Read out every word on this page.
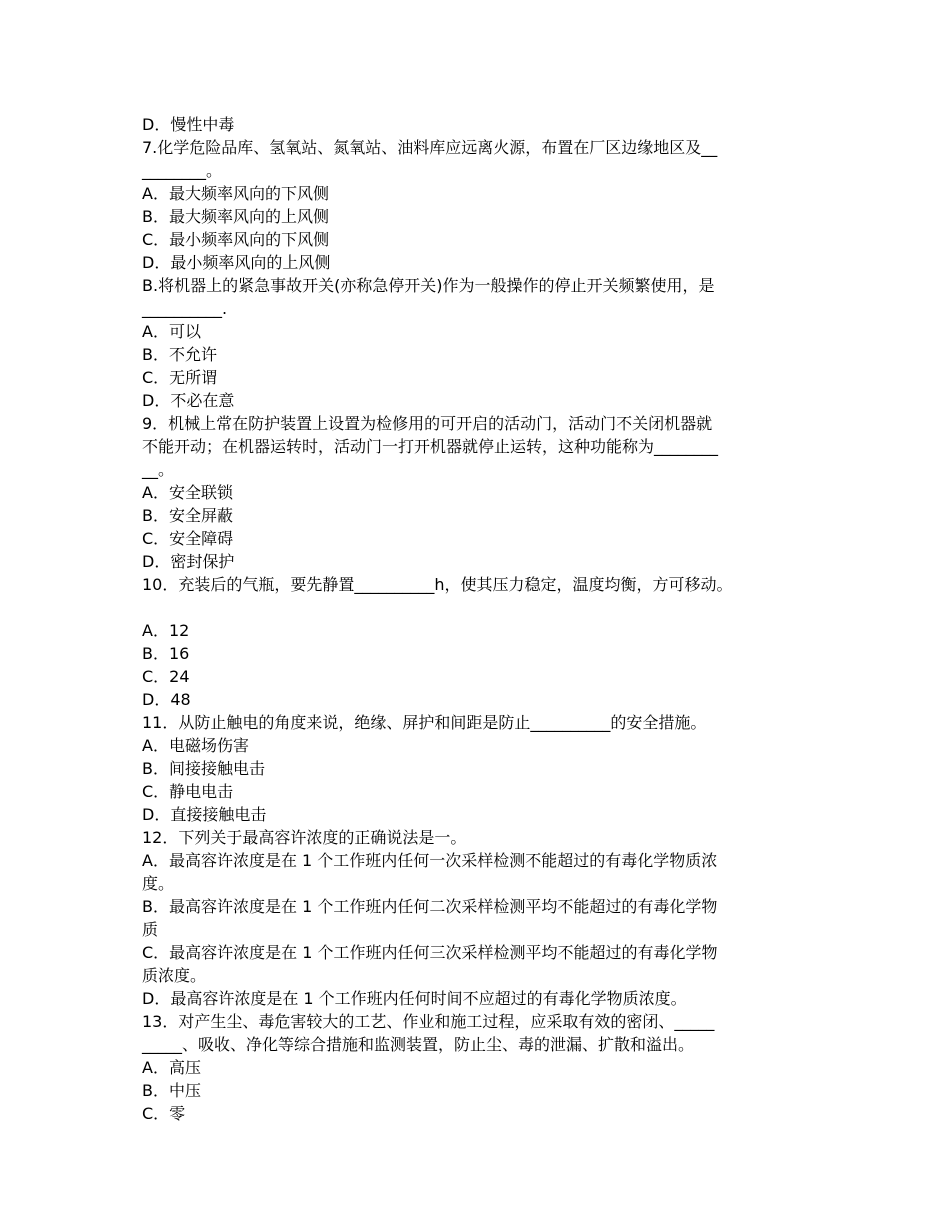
D．慢性中毒
7.化学危险品库、氢氧站、氮氧站、油料库应远离火源，布置在厂区边缘地区及__
________。
A．最大频率风向的下风侧
B．最大频率风向的上风侧
C．最小频率风向的下风侧
D．最小频率风向的上风侧
B.将机器上的紧急事故开关(亦称急停开关)作为一般操作的停止开关频繁使用，是
__________.
A．可以
B．不允许
C．无所谓
D．不必在意
9．机械上常在防护装置上设置为检修用的可开启的活动门，活动门不关闭机器就
不能开动；在机器运转时，活动门一打开机器就停止运转，这种功能称为________
__。
A．安全联锁
B．安全屏蔽
C．安全障碍
D．密封保护
10．充装后的气瓶，要先静置__________h，使其压力稳定，温度均衡，方可移动。
A．12
B．16
C．24
D．48
11．从防止触电的角度来说，绝缘、屏护和间距是防止__________的安全措施。
A．电磁场伤害
B．间接接触电击
C．静电电击
D．直接接触电击
12．下列关于最高容许浓度的正确说法是一。
A．最高容许浓度是在 1 个工作班内任何一次采样检测不能超过的有毒化学物质浓
度。
B．最高容许浓度是在 1 个工作班内任何二次采样检测平均不能超过的有毒化学物
质
C．最高容许浓度是在 1 个工作班内任何三次采样检测平均不能超过的有毒化学物
质浓度。
D．最高容许浓度是在 1 个工作班内任何时间不应超过的有毒化学物质浓度。
13．对产生尘、毒危害较大的工艺、作业和施工过程，应采取有效的密闭、_____
_____、吸收、净化等综合措施和监测装置，防止尘、毒的泄漏、扩散和溢出。
A．高压
B．中压
C．零
